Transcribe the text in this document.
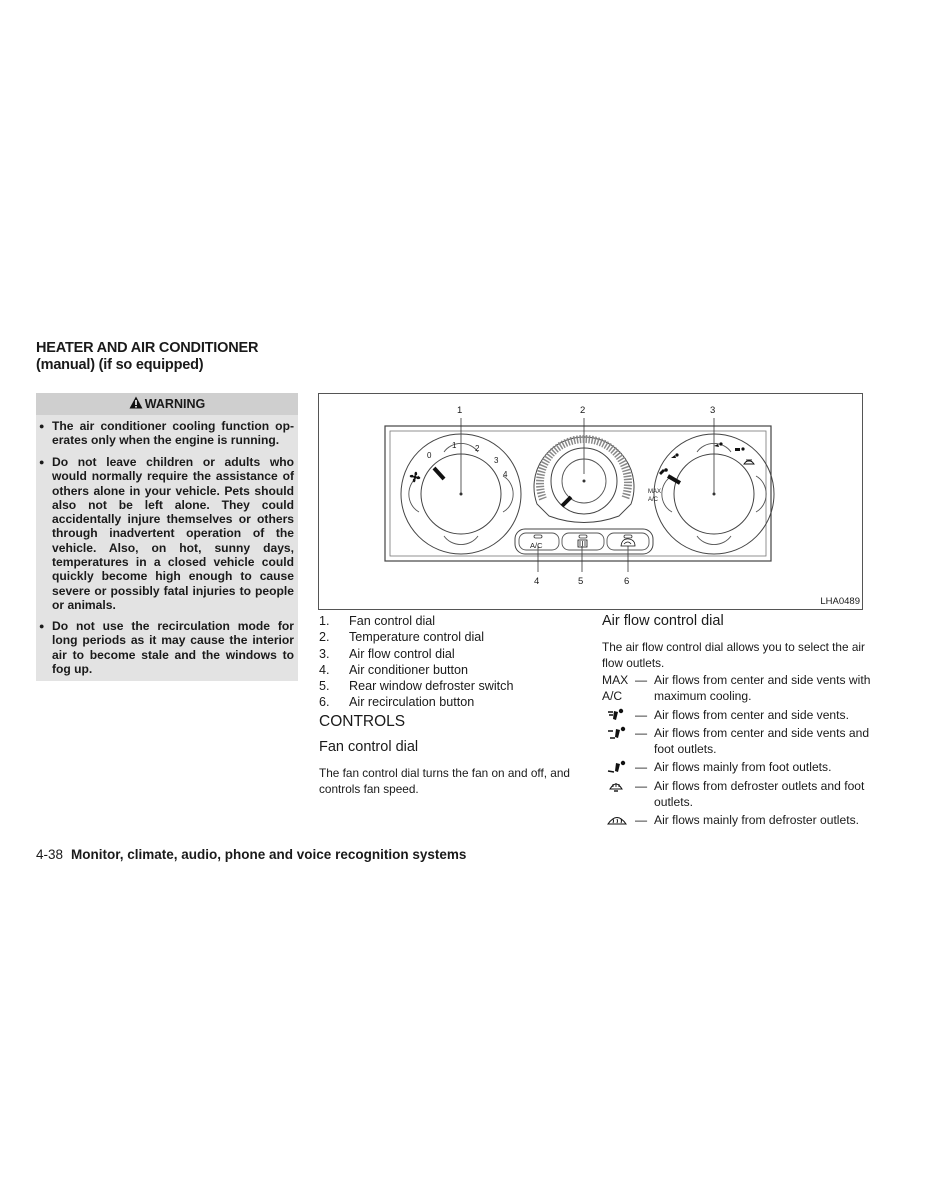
HEATER AND AIR CONDITIONER
(manual) (if so equipped)
WARNING
● The air conditioner cooling function op- erates only when the engine is running.
● Do not leave children or adults who would normally require the assistance of others alone in your vehicle. Pets should also not be left alone. They could accidentally injure themselves or others through inadvertent operation of the vehicle. Also, on hot, sunny days, temperatures in a closed vehicle could quickly become high enough to cause severe or possibly fatal injuries to people or animals.
● Do not use the recirculation mode for long periods as it may cause the interior air to become stale and the windows to fog up.
1	2	3
4	5	6
0
1 2
3
4
A/C
MAX
A/C
LHA0489
1. Fan control dial
2. Temperature control dial
3. Air flow control dial
4. Air conditioner button
5. Rear window defroster switch
6. Air recirculation button
CONTROLS
Fan control dial
The fan control dial turns the fan on and off, and controls fan speed.
Air flow control dial
The air flow control dial allows you to select the air flow outlets.
MAX
A/C
— Air flows from center and side vents with maximum cooling.
— Air flows from center and side vents.
— Air flows from center and side vents and foot outlets.
— Air flows mainly from foot outlets.
— Air flows from defroster outlets and foot outlets.
— Air flows mainly from defroster outlets.
4-38 Monitor, climate, audio, phone and voice recognition systems
